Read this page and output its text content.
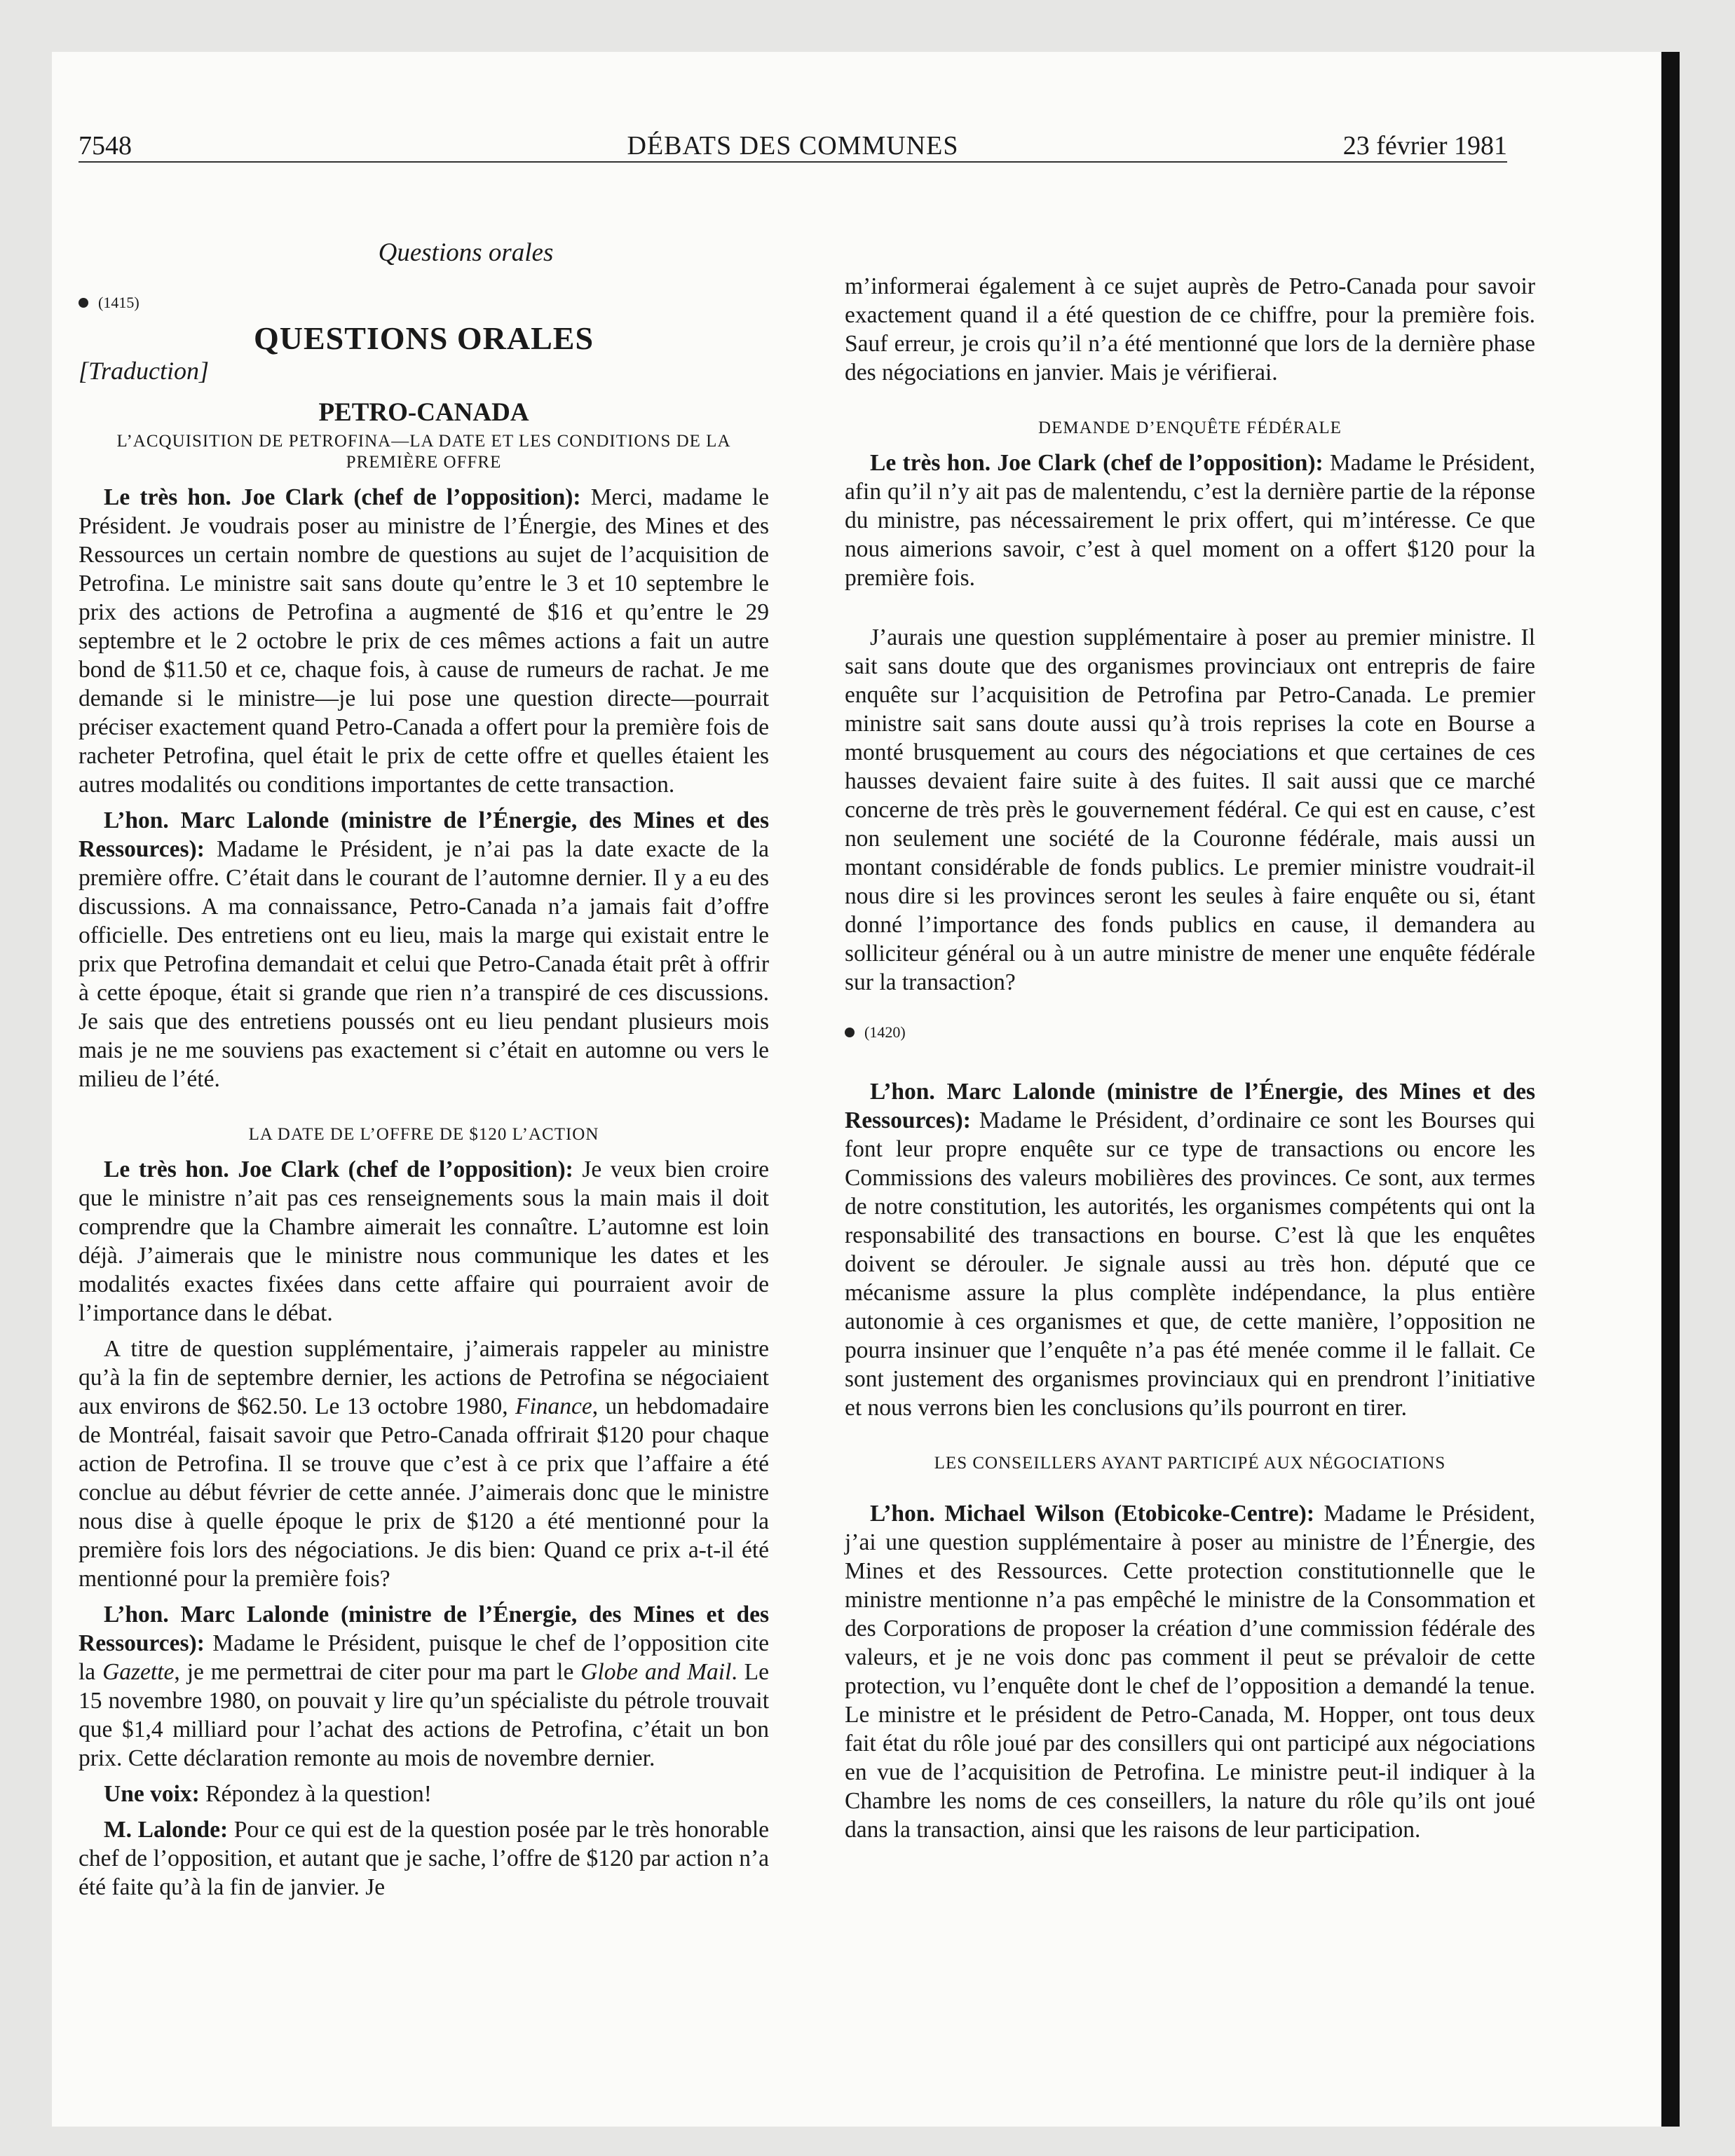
7548	DÉBATS DES COMMUNES	23 février 1981
Questions orales
(1415)
QUESTIONS ORALES
[Traduction]
PETRO-CANADA
L’ACQUISITION DE PETROFINA—LA DATE ET LES CONDITIONS DE LA PREMIÈRE OFFRE

Le très hon. Joe Clark (chef de l’opposition): Merci, madame le Président. Je voudrais poser au ministre de l’Énergie, des Mines et des Ressources un certain nombre de questions au sujet de l’acquisition de Petrofina. Le ministre sait sans doute qu’entre le 3 et 10 septembre le prix des actions de Petrofina a augmenté de $16 et qu’entre le 29 septembre et le 2 octobre le prix de ces mêmes actions a fait un autre bond de $11.50 et ce, chaque fois, à cause de rumeurs de rachat. Je me demande si le ministre—je lui pose une question directe—pourrait préciser exactement quand Petro-Canada a offert pour la première fois de racheter Petrofina, quel était le prix de cette offre et quelles étaient les autres modalités ou conditions importantes de cette transaction.

L’hon. Marc Lalonde (ministre de l’Énergie, des Mines et des Ressources): Madame le Président, je n’ai pas la date exacte de la première offre. C’était dans le courant de l’automne dernier. Il y a eu des discussions. A ma connaissance, Petro-Canada n’a jamais fait d’offre officielle. Des entretiens ont eu lieu, mais la marge qui existait entre le prix que Petrofina demandait et celui que Petro-Canada était prêt à offrir à cette époque, était si grande que rien n’a transpiré de ces discussions. Je sais que des entretiens poussés ont eu lieu pendant plusieurs mois mais je ne me souviens pas exactement si c’était en automne ou vers le milieu de l’été.

LA DATE DE L’OFFRE DE $120 L’ACTION

Le très hon. Joe Clark (chef de l’opposition): Je veux bien croire que le ministre n’ait pas ces renseignements sous la main mais il doit comprendre que la Chambre aimerait les connaître. L’automne est loin déjà. J’aimerais que le ministre nous communique les dates et les modalités exactes fixées dans cette affaire qui pourraient avoir de l’importance dans le débat.

A titre de question supplémentaire, j’aimerais rappeler au ministre qu’à la fin de septembre dernier, les actions de Petrofina se négociaient aux environs de $62.50. Le 13 octobre 1980, Finance, un hebdomadaire de Montréal, faisait savoir que Petro-Canada offrirait $120 pour chaque action de Petrofina. Il se trouve que c’est à ce prix que l’affaire a été conclue au début février de cette année. J’aimerais donc que le ministre nous dise à quelle époque le prix de $120 a été mentionné pour la première fois lors des négociations. Je dis bien: Quand ce prix a-t-il été mentionné pour la première fois?

L’hon. Marc Lalonde (ministre de l’Énergie, des Mines et des Ressources): Madame le Président, puisque le chef de l’opposition cite la Gazette, je me permettrai de citer pour ma part le Globe and Mail. Le 15 novembre 1980, on pouvait y lire qu’un spécialiste du pétrole trouvait que $1,4 milliard pour l’achat des actions de Petrofina, c’était un bon prix. Cette déclaration remonte au mois de novembre dernier.

Une voix: Répondez à la question!

M. Lalonde: Pour ce qui est de la question posée par le très honorable chef de l’opposition, et autant que je sache, l’offre de $120 par action n’a été faite qu’à la fin de janvier. Je

m’informerai également à ce sujet auprès de Petro-Canada pour savoir exactement quand il a été question de ce chiffre, pour la première fois. Sauf erreur, je crois qu’il n’a été mentionné que lors de la dernière phase des négociations en janvier. Mais je vérifierai.

DEMANDE D’ENQUÊTE FÉDÉRALE

Le très hon. Joe Clark (chef de l’opposition): Madame le Président, afin qu’il n’y ait pas de malentendu, c’est la dernière partie de la réponse du ministre, pas nécessairement le prix offert, qui m’intéresse. Ce que nous aimerions savoir, c’est à quel moment on a offert $120 pour la première fois.

J’aurais une question supplémentaire à poser au premier ministre. Il sait sans doute que des organismes provinciaux ont entrepris de faire enquête sur l’acquisition de Petrofina par Petro-Canada. Le premier ministre sait sans doute aussi qu’à trois reprises la cote en Bourse a monté brusquement au cours des négociations et que certaines de ces hausses devaient faire suite à des fuites. Il sait aussi que ce marché concerne de très près le gouvernement fédéral. Ce qui est en cause, c’est non seulement une société de la Couronne fédérale, mais aussi un montant considérable de fonds publics. Le premier ministre voudrait-il nous dire si les provinces seront les seules à faire enquête ou si, étant donné l’importance des fonds publics en cause, il demandera au solliciteur général ou à un autre ministre de mener une enquête fédérale sur la transaction?

(1420)

L’hon. Marc Lalonde (ministre de l’Énergie, des Mines et des Ressources): Madame le Président, d’ordinaire ce sont les Bourses qui font leur propre enquête sur ce type de transactions ou encore les Commissions des valeurs mobilières des provinces. Ce sont, aux termes de notre constitution, les autorités, les organismes compétents qui ont la responsabilité des transactions en bourse. C’est là que les enquêtes doivent se dérouler. Je signale aussi au très hon. député que ce mécanisme assure la plus complète indépendance, la plus entière autonomie à ces organismes et que, de cette manière, l’opposition ne pourra insinuer que l’enquête n’a pas été menée comme il le fallait. Ce sont justement des organismes provinciaux qui en prendront l’initiative et nous verrons bien les conclusions qu’ils pourront en tirer.

LES CONSEILLERS AYANT PARTICIPÉ AUX NÉGOCIATIONS

L’hon. Michael Wilson (Etobicoke-Centre): Madame le Président, j’ai une question supplémentaire à poser au ministre de l’Énergie, des Mines et des Ressources. Cette protection constitutionnelle que le ministre mentionne n’a pas empêché le ministre de la Consommation et des Corporations de proposer la création d’une commission fédérale des valeurs, et je ne vois donc pas comment il peut se prévaloir de cette protection, vu l’enquête dont le chef de l’opposition a demandé la tenue. Le ministre et le président de Petro-Canada, M. Hopper, ont tous deux fait état du rôle joué par des consillers qui ont participé aux négociations en vue de l’acquisition de Petrofina. Le ministre peut-il indiquer à la Chambre les noms de ces conseillers, la nature du rôle qu’ils ont joué dans la transaction, ainsi que les raisons de leur participation.
